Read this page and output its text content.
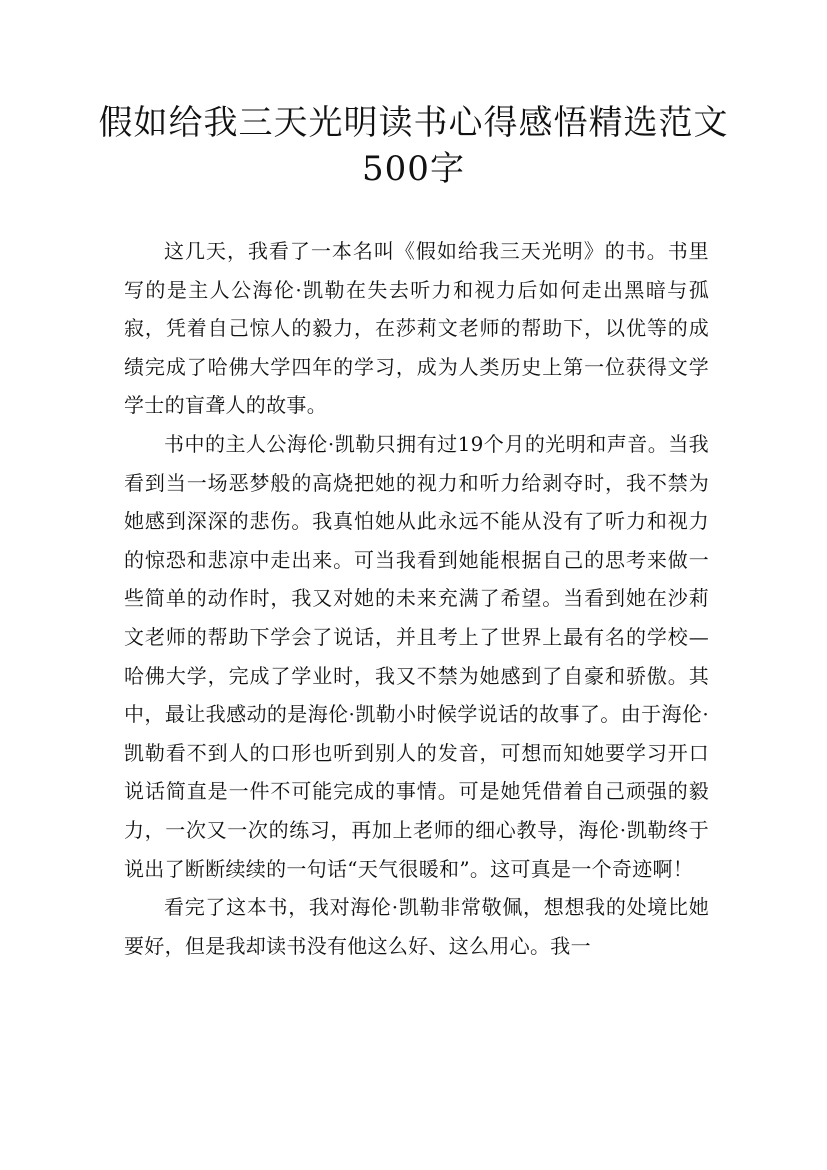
假如给我三天光明读书心得感悟精选范文
500字

这几天，我看了一本名叫《假如给我三天光明》的书。书里写的是主人公海伦·凯勒在失去听力和视力后如何走出黑暗与孤寂，凭着自己惊人的毅力，在莎莉文老师的帮助下，以优等的成绩完成了哈佛大学四年的学习，成为人类历史上第一位获得文学学士的盲聋人的故事。

书中的主人公海伦·凯勒只拥有过19个月的光明和声音。当我看到当一场恶梦般的高烧把她的视力和听力给剥夺时，我不禁为她感到深深的悲伤。我真怕她从此永远不能从没有了听力和视力的惊恐和悲凉中走出来。可当我看到她能根据自己的思考来做一些简单的动作时，我又对她的未来充满了希望。当看到她在沙莉文老师的帮助下学会了说话，并且考上了世界上最有名的学校—哈佛大学，完成了学业时，我又不禁为她感到了自豪和骄傲。其中，最让我感动的是海伦·凯勒小时候学说话的故事了。由于海伦·凯勒看不到人的口形也听到别人的发音，可想而知她要学习开口说话简直是一件不可能完成的事情。可是她凭借着自己顽强的毅力，一次又一次的练习，再加上老师的细心教导，海伦·凯勒终于说出了断断续续的一句话“天气很暖和”。这可真是一个奇迹啊！

看完了这本书，我对海伦·凯勒非常敬佩，想想我的处境比她要好，但是我却读书没有他这么好、这么用心。我一
